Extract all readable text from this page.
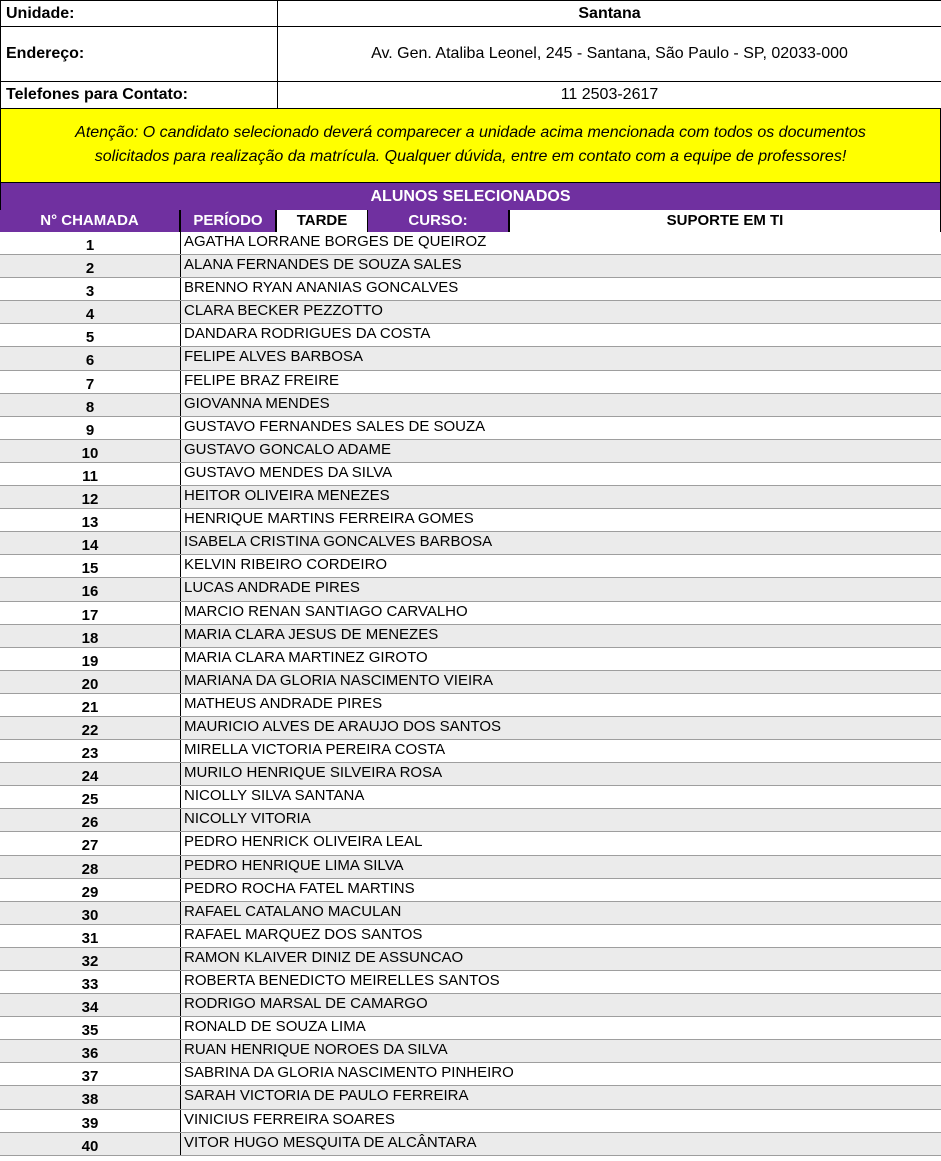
Unidade:	Santana
Endereço:	Av. Gen. Ataliba Leonel, 245 - Santana, São Paulo - SP, 02033-000
Telefones para Contato:	11 2503-2617
Atenção: O candidato selecionado deverá comparecer a unidade acima mencionada com todos os documentos
solicitados para realização da matrícula. Qualquer dúvida, entre em contato com a equipe de professores!
ALUNOS SELECIONADOS
N° CHAMADA	PERÍODO	TARDE	CURSO:	SUPORTE EM TI
1	AGATHA LORRANE BORGES DE QUEIROZ
2	ALANA FERNANDES DE SOUZA SALES
3	BRENNO RYAN ANANIAS GONCALVES
4	CLARA BECKER PEZZOTTO
5	DANDARA RODRIGUES DA COSTA
6	FELIPE ALVES BARBOSA
7	FELIPE BRAZ FREIRE
8	GIOVANNA MENDES
9	GUSTAVO FERNANDES SALES DE SOUZA
10	GUSTAVO GONCALO ADAME
11	GUSTAVO MENDES DA SILVA
12	HEITOR OLIVEIRA MENEZES
13	HENRIQUE MARTINS FERREIRA GOMES
14	ISABELA CRISTINA GONCALVES BARBOSA
15	KELVIN RIBEIRO CORDEIRO
16	LUCAS ANDRADE PIRES
17	MARCIO RENAN SANTIAGO CARVALHO
18	MARIA CLARA JESUS DE MENEZES
19	MARIA CLARA MARTINEZ GIROTO
20	MARIANA DA GLORIA NASCIMENTO VIEIRA
21	MATHEUS ANDRADE PIRES
22	MAURICIO ALVES DE ARAUJO DOS SANTOS
23	MIRELLA VICTORIA PEREIRA COSTA
24	MURILO HENRIQUE SILVEIRA ROSA
25	NICOLLY SILVA SANTANA
26	NICOLLY VITORIA
27	PEDRO HENRICK OLIVEIRA LEAL
28	PEDRO HENRIQUE LIMA SILVA
29	PEDRO ROCHA FATEL MARTINS
30	RAFAEL CATALANO MACULAN
31	RAFAEL MARQUEZ DOS SANTOS
32	RAMON KLAIVER DINIZ DE ASSUNCAO
33	ROBERTA BENEDICTO MEIRELLES SANTOS
34	RODRIGO MARSAL DE CAMARGO
35	RONALD DE SOUZA LIMA
36	RUAN HENRIQUE NOROES DA SILVA
37	SABRINA DA GLORIA NASCIMENTO PINHEIRO
38	SARAH VICTORIA DE PAULO FERREIRA
39	VINICIUS FERREIRA SOARES
40	VITOR HUGO MESQUITA DE ALCÂNTARA
